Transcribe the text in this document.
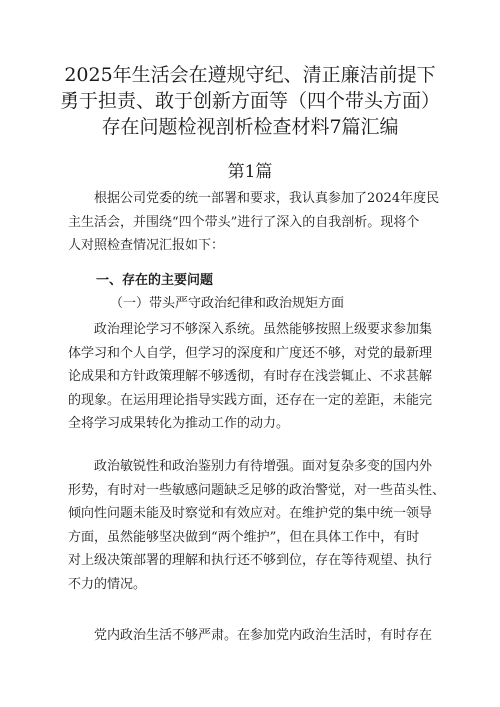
2025年生活会在遵规守纪、清正廉洁前提下
勇于担责、敢于创新方面等（四个带头方面）
存在问题检视剖析检查材料7篇汇编
第1篇
根据公司党委的统一部署和要求，我认真参加了2024年度民
主生活会，并围绕“四个带头”进行了深入的自我剖析。现将个
人对照检查情况汇报如下：
一、存在的主要问题
（一）带头严守政治纪律和政治规矩方面
政治理论学习不够深入系统。虽然能够按照上级要求参加集
体学习和个人自学，但学习的深度和广度还不够，对党的最新理
论成果和方针政策理解不够透彻，有时存在浅尝辄止、不求甚解
的现象。在运用理论指导实践方面，还存在一定的差距，未能完
全将学习成果转化为推动工作的动力。
政治敏锐性和政治鉴别力有待增强。面对复杂多变的国内外
形势，有时对一些敏感问题缺乏足够的政治警觉，对一些苗头性、
倾向性问题未能及时察觉和有效应对。在维护党的集中统一领导
方面，虽然能够坚决做到“两个维护”，但在具体工作中，有时
对上级决策部署的理解和执行还不够到位，存在等待观望、执行
不力的情况。
党内政治生活不够严肃。在参加党内政治生活时，有时存在
